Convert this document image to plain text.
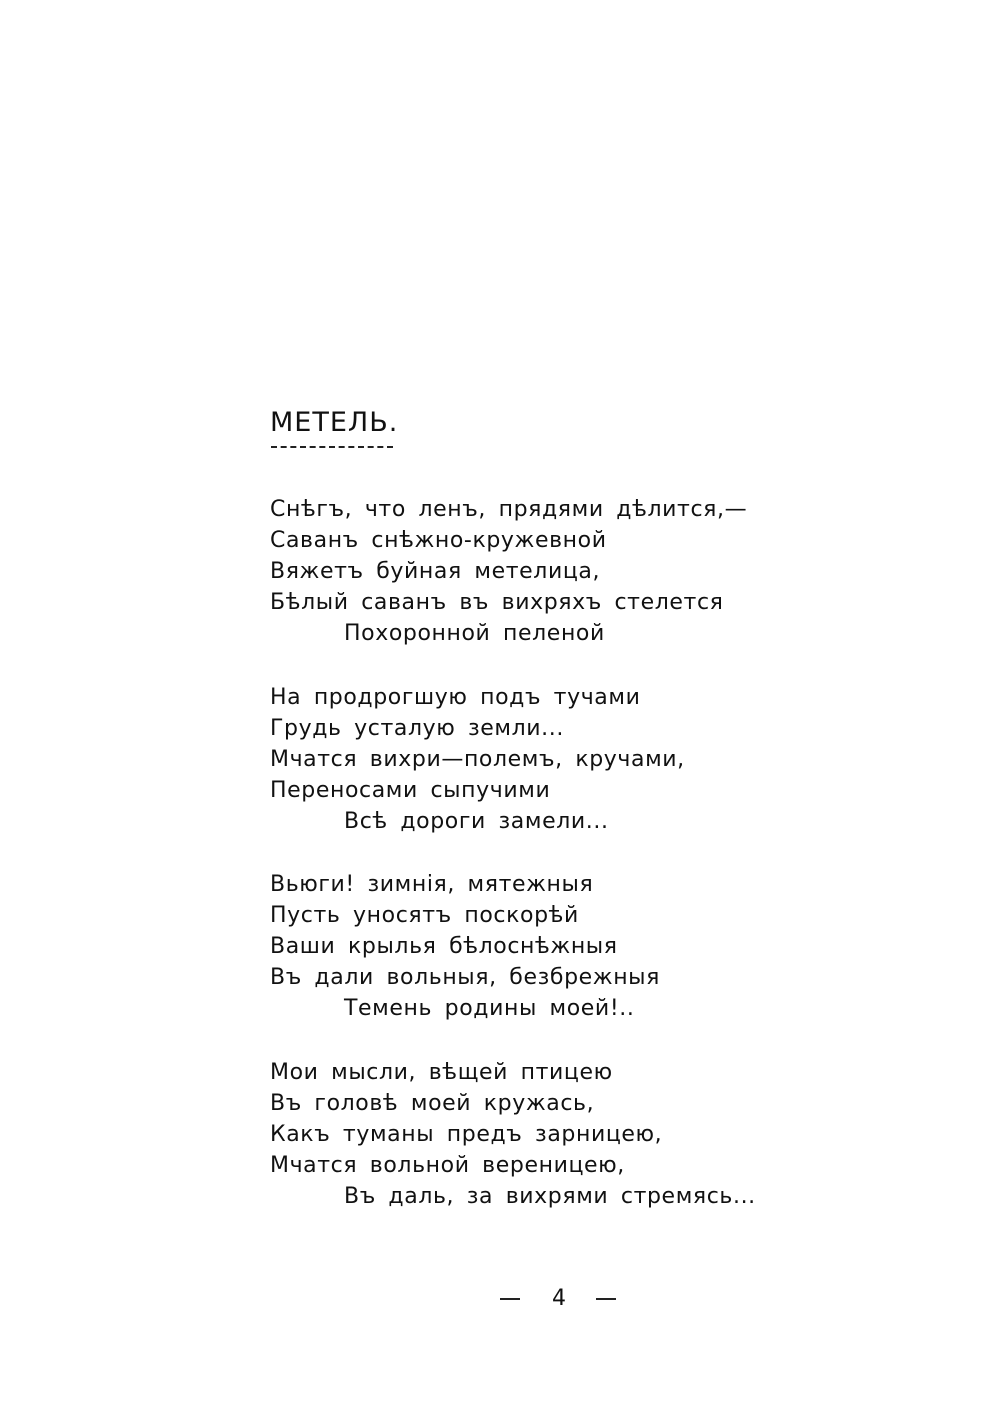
МЕТЕЛЬ.
Снѣгъ, что ленъ, прядями дѣлится,—
Саванъ снѣжно-кружевной
Вяжетъ буйная метелица,
Бѣлый саванъ въ вихряхъ стелется
Похоронной пеленой
На продрогшую подъ тучами
Грудь усталую земли...
Мчатся вихри—полемъ, кручами,
Переносами сыпучими
Всѣ дороги замели...
Вьюги! зимнія, мятежныя
Пусть уносятъ поскорѣй
Ваши крылья бѣлоснѣжныя
Въ дали вольныя, безбрежныя
Темень родины моей!..
Мои мысли, вѣщей птицею
Въ головѣ моей кружась,
Какъ туманы предъ зарницею,
Мчатся вольной вереницею,
Въ даль, за вихрями стремясь...
4
